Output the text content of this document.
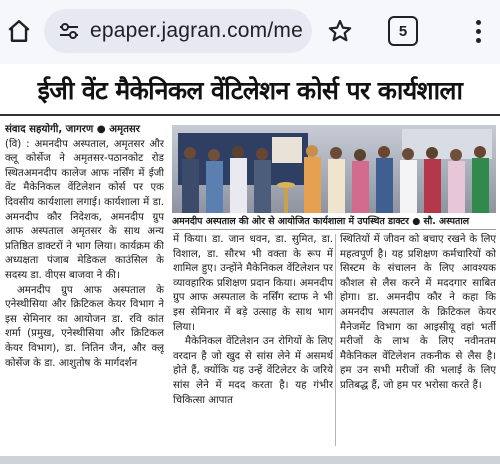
epaper.jagran.com/me	5
ईजी वेंट मैकेनिकल वेंटिलेशन कोर्स पर कार्यशाला

संवाद सहयोगी, जागरण ● अमृतसर

(वि) : अमनदीप अस्पताल, अमृतसर और क्लू कोर्सेज ने अमृतसर-पठानकोट रोड स्थितअमनदीप कालेज आफ नर्सिंग में ईजी वेंट मैकेनिकल वेंटिलेशन कोर्स पर एक दिवसीय कार्यशाला लगाई। कार्यशाला में डा. अमनदीप कौर निदेशक, अमनदीप ग्रुप आफ अस्पताल अमृतसर के साथ अन्य प्रतिष्ठित डाक्टरों ने भाग लिया। कार्यक्रम की अध्यक्षता पंजाब मेडिकल काउंसिल के सदस्य डा. वीएस बाजवा ने की।

अमनदीप ग्रुप आफ अस्पताल के एनेस्थीसिया और क्रिटिकल केयर विभाग ने इस सेमिनार का आयोजन डा. रवि कांत शर्मा (प्रमुख, एनेस्थीसिया और क्रिटिकल केयर विभाग), डा. नितिन जैन, और क्लू कोर्सेज के डा. आशुतोष के मार्गदर्शन

अमनदीप अस्पताल की ओर से आयोजित कार्यशाला में उपस्थित डाक्टर ● सौ. अस्पताल

में किया। डा. जान धवन, डा. सुमित, डा. विशाल, डा. सौरभ भी वक्ता के रूप में शामिल हुए। उन्होंने मैकेनिकल वेंटिलेशन पर व्यावहारिक प्रशिक्षण प्रदान किया। अमनदीप ग्रुप आफ अस्पताल के नर्सिंग स्टाफ ने भी इस सेमिनार में बड़े उत्साह के साथ भाग लिया।

मैकेनिकल वेंटिलेशन उन रोगियों के लिए वरदान है जो खुद से सांस लेने में असमर्थ होते हैं, क्योंकि यह उन्हें वेंटिलेटर के जरिये सांस लेने में मदद करता है। यह गंभीर चिकित्सा आपात

स्थितियों में जीवन को बचाए रखने के लिए महत्वपूर्ण है। यह प्रशिक्षण कर्मचारियों को सिस्टम के संचालन के लिए आवश्यक कौशल से लैस करने में मददगार साबित होगा। डा. अमनदीप कौर ने कहा कि अमनदीप अस्पताल के क्रिटिकल केयर मैनेजमेंट विभाग का आइसीयू वहां भर्ती मरीजों के लाभ के लिए नवीनतम मैकेनिकल वेंटिलेशन तकनीक से लैस है। हम उन सभी मरीजों की भलाई के लिए प्रतिबद्ध हैं, जो हम पर भरोसा करते हैं।
